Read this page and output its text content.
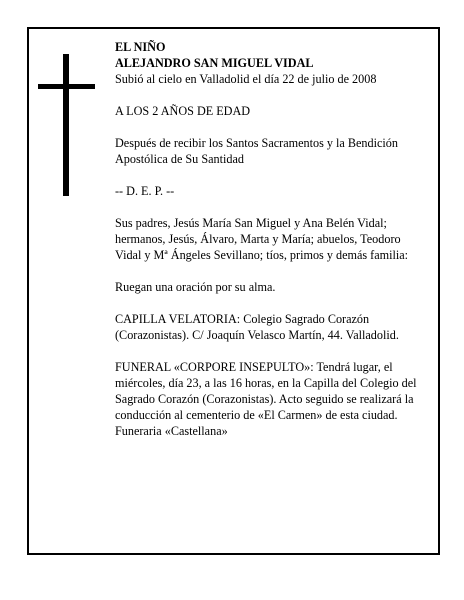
EL NIÑO
ALEJANDRO SAN MIGUEL VIDAL
Subió al cielo en Valladolid el día 22 de julio de 2008

A LOS 2 AÑOS DE EDAD

Después de recibir los Santos Sacramentos y la Bendición Apostólica de Su Santidad

-- D. E. P. --

Sus padres, Jesús María San Miguel y Ana Belén Vidal; hermanos, Jesús, Álvaro, Marta y María; abuelos, Teodoro Vidal y Mª Ángeles Sevillano; tíos, primos y demás familia:

Ruegan una oración por su alma.

CAPILLA VELATORIA: Colegio Sagrado Corazón (Corazonistas). C/ Joaquín Velasco Martín, 44. Valladolid.

FUNERAL «CORPORE INSEPULTO»: Tendrá lugar, el miércoles, día 23, a las 16 horas, en la Capilla del Colegio del Sagrado Corazón (Corazonistas). Acto seguido se realizará la conducción al cementerio de «El Carmen» de esta ciudad.

Funeraria «Castellana»
